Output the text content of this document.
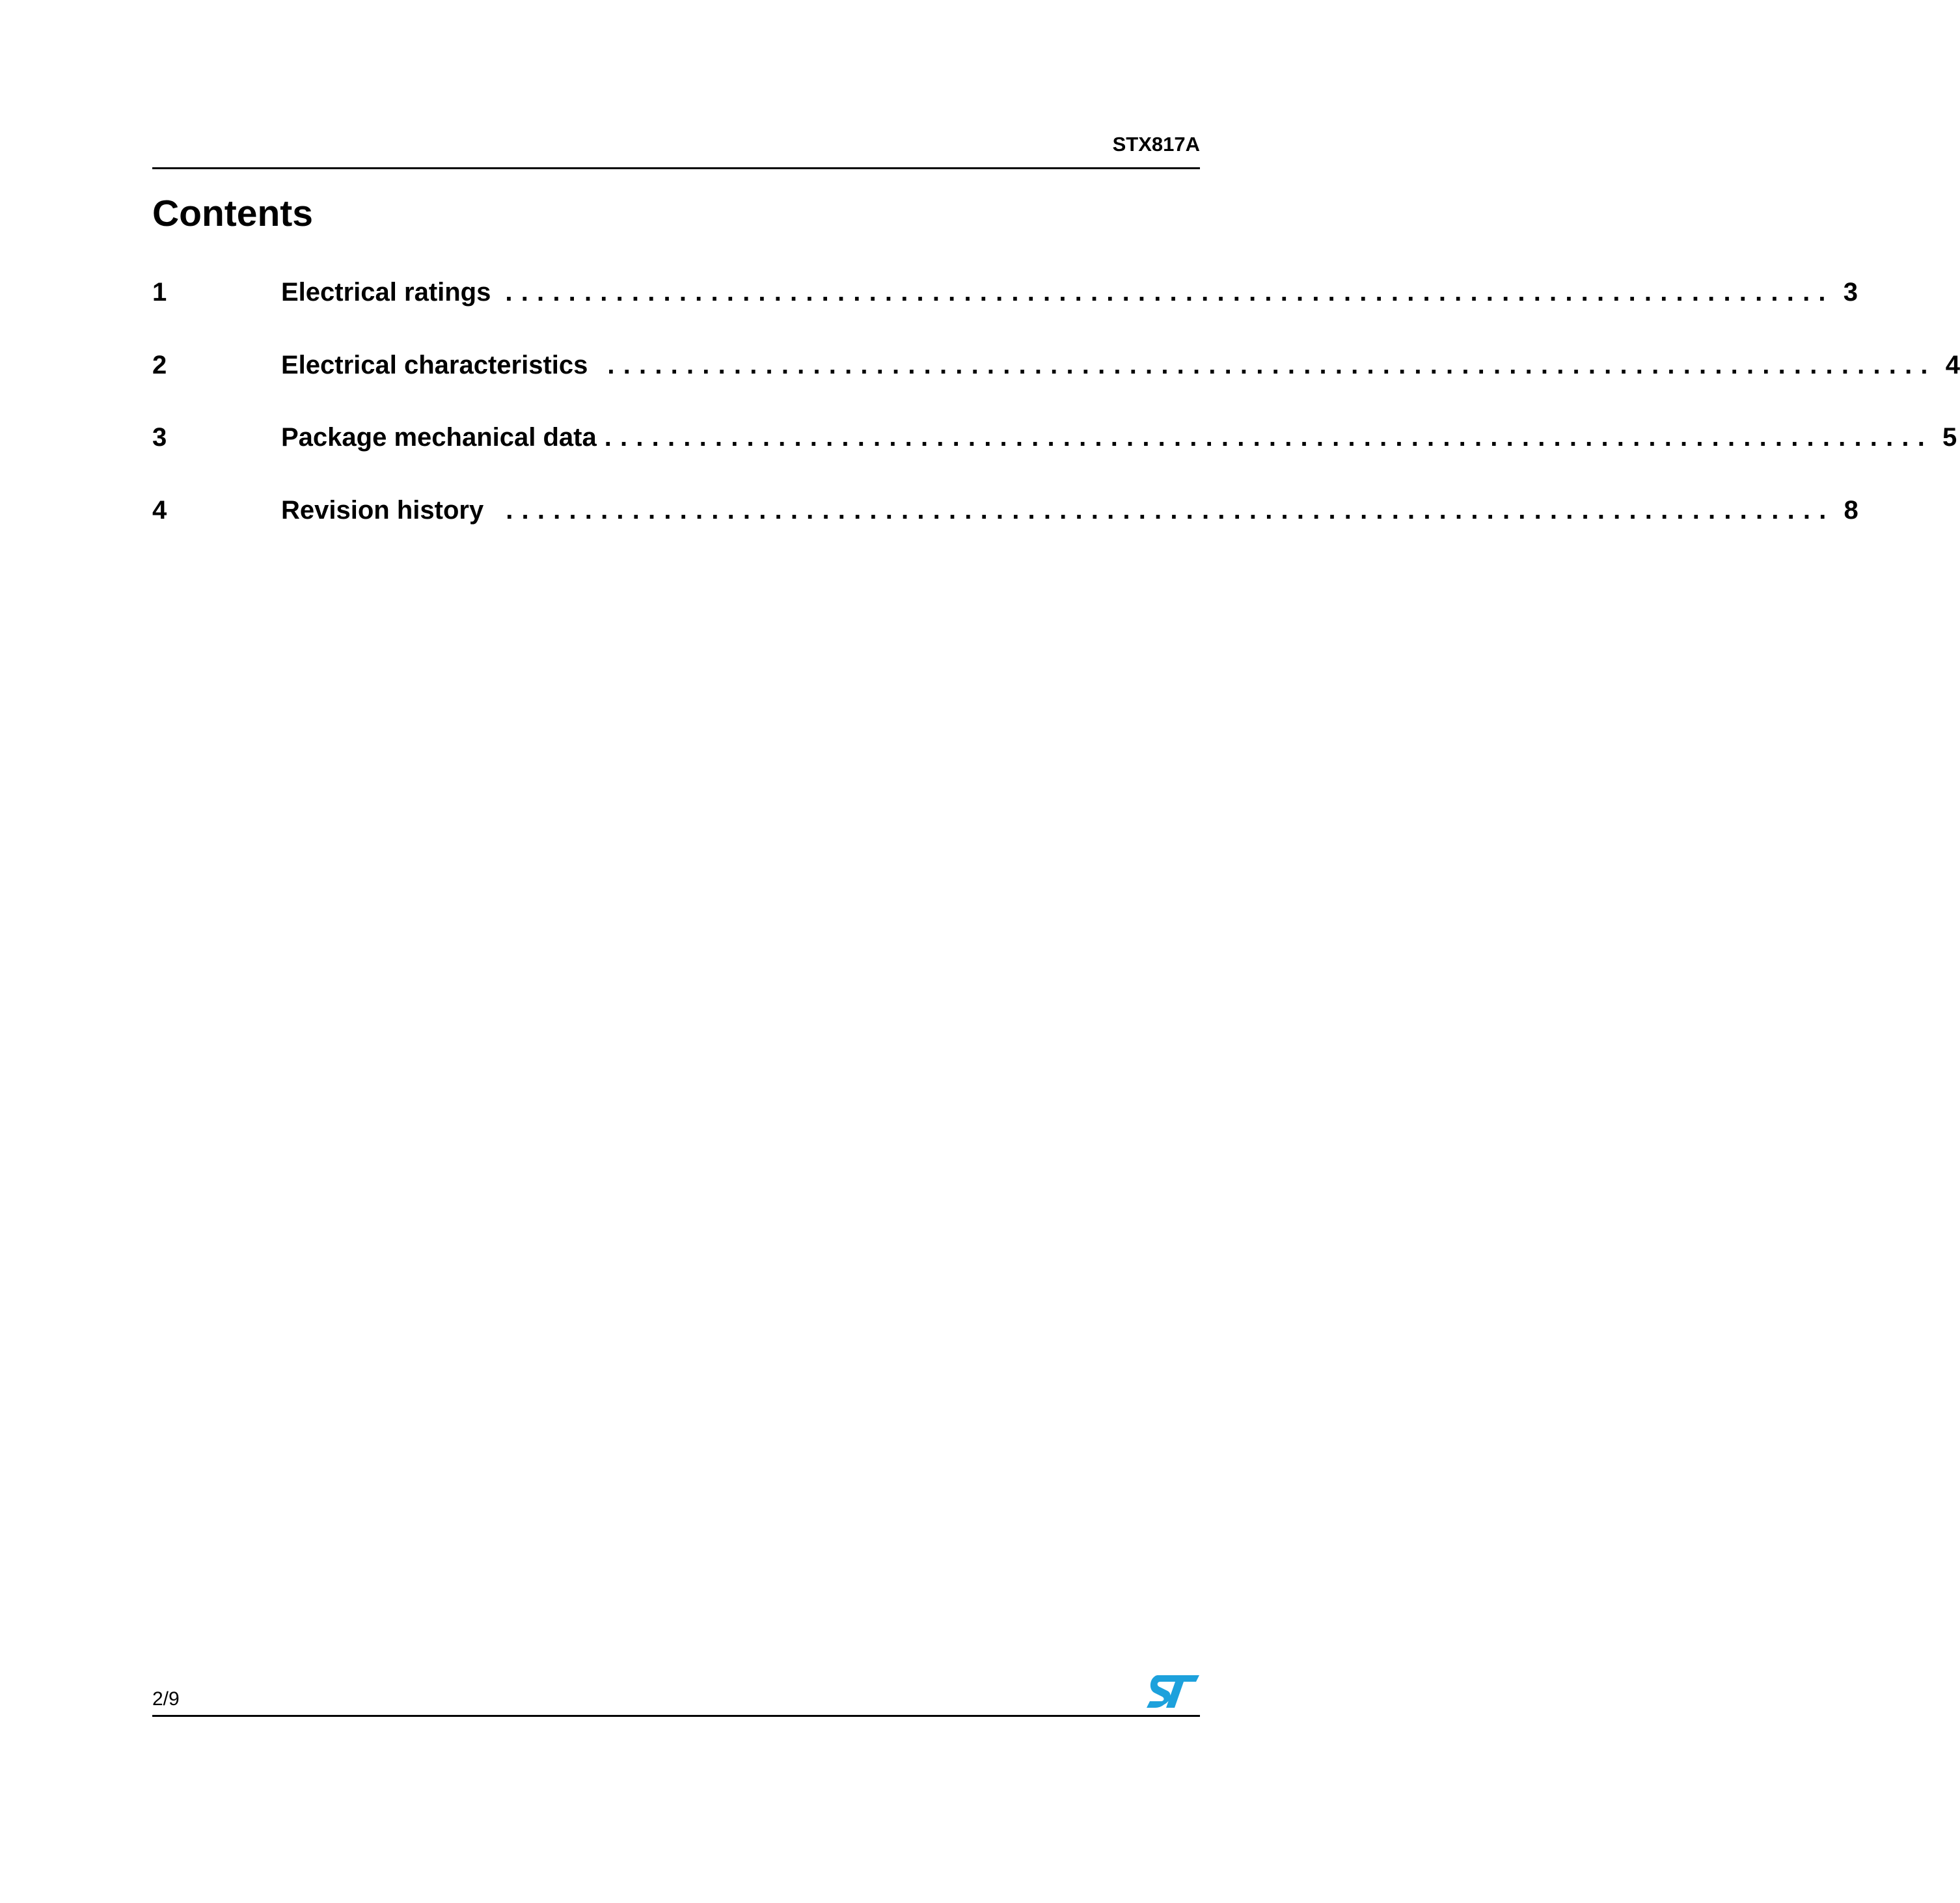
STX817A
Contents
1	Electrical ratings .................................................................................... 3
2	Electrical characteristics .................................................................................... 4
3	Package mechanical data .................................................................................... 5
4	Revision history .................................................................................... 8
2/9
